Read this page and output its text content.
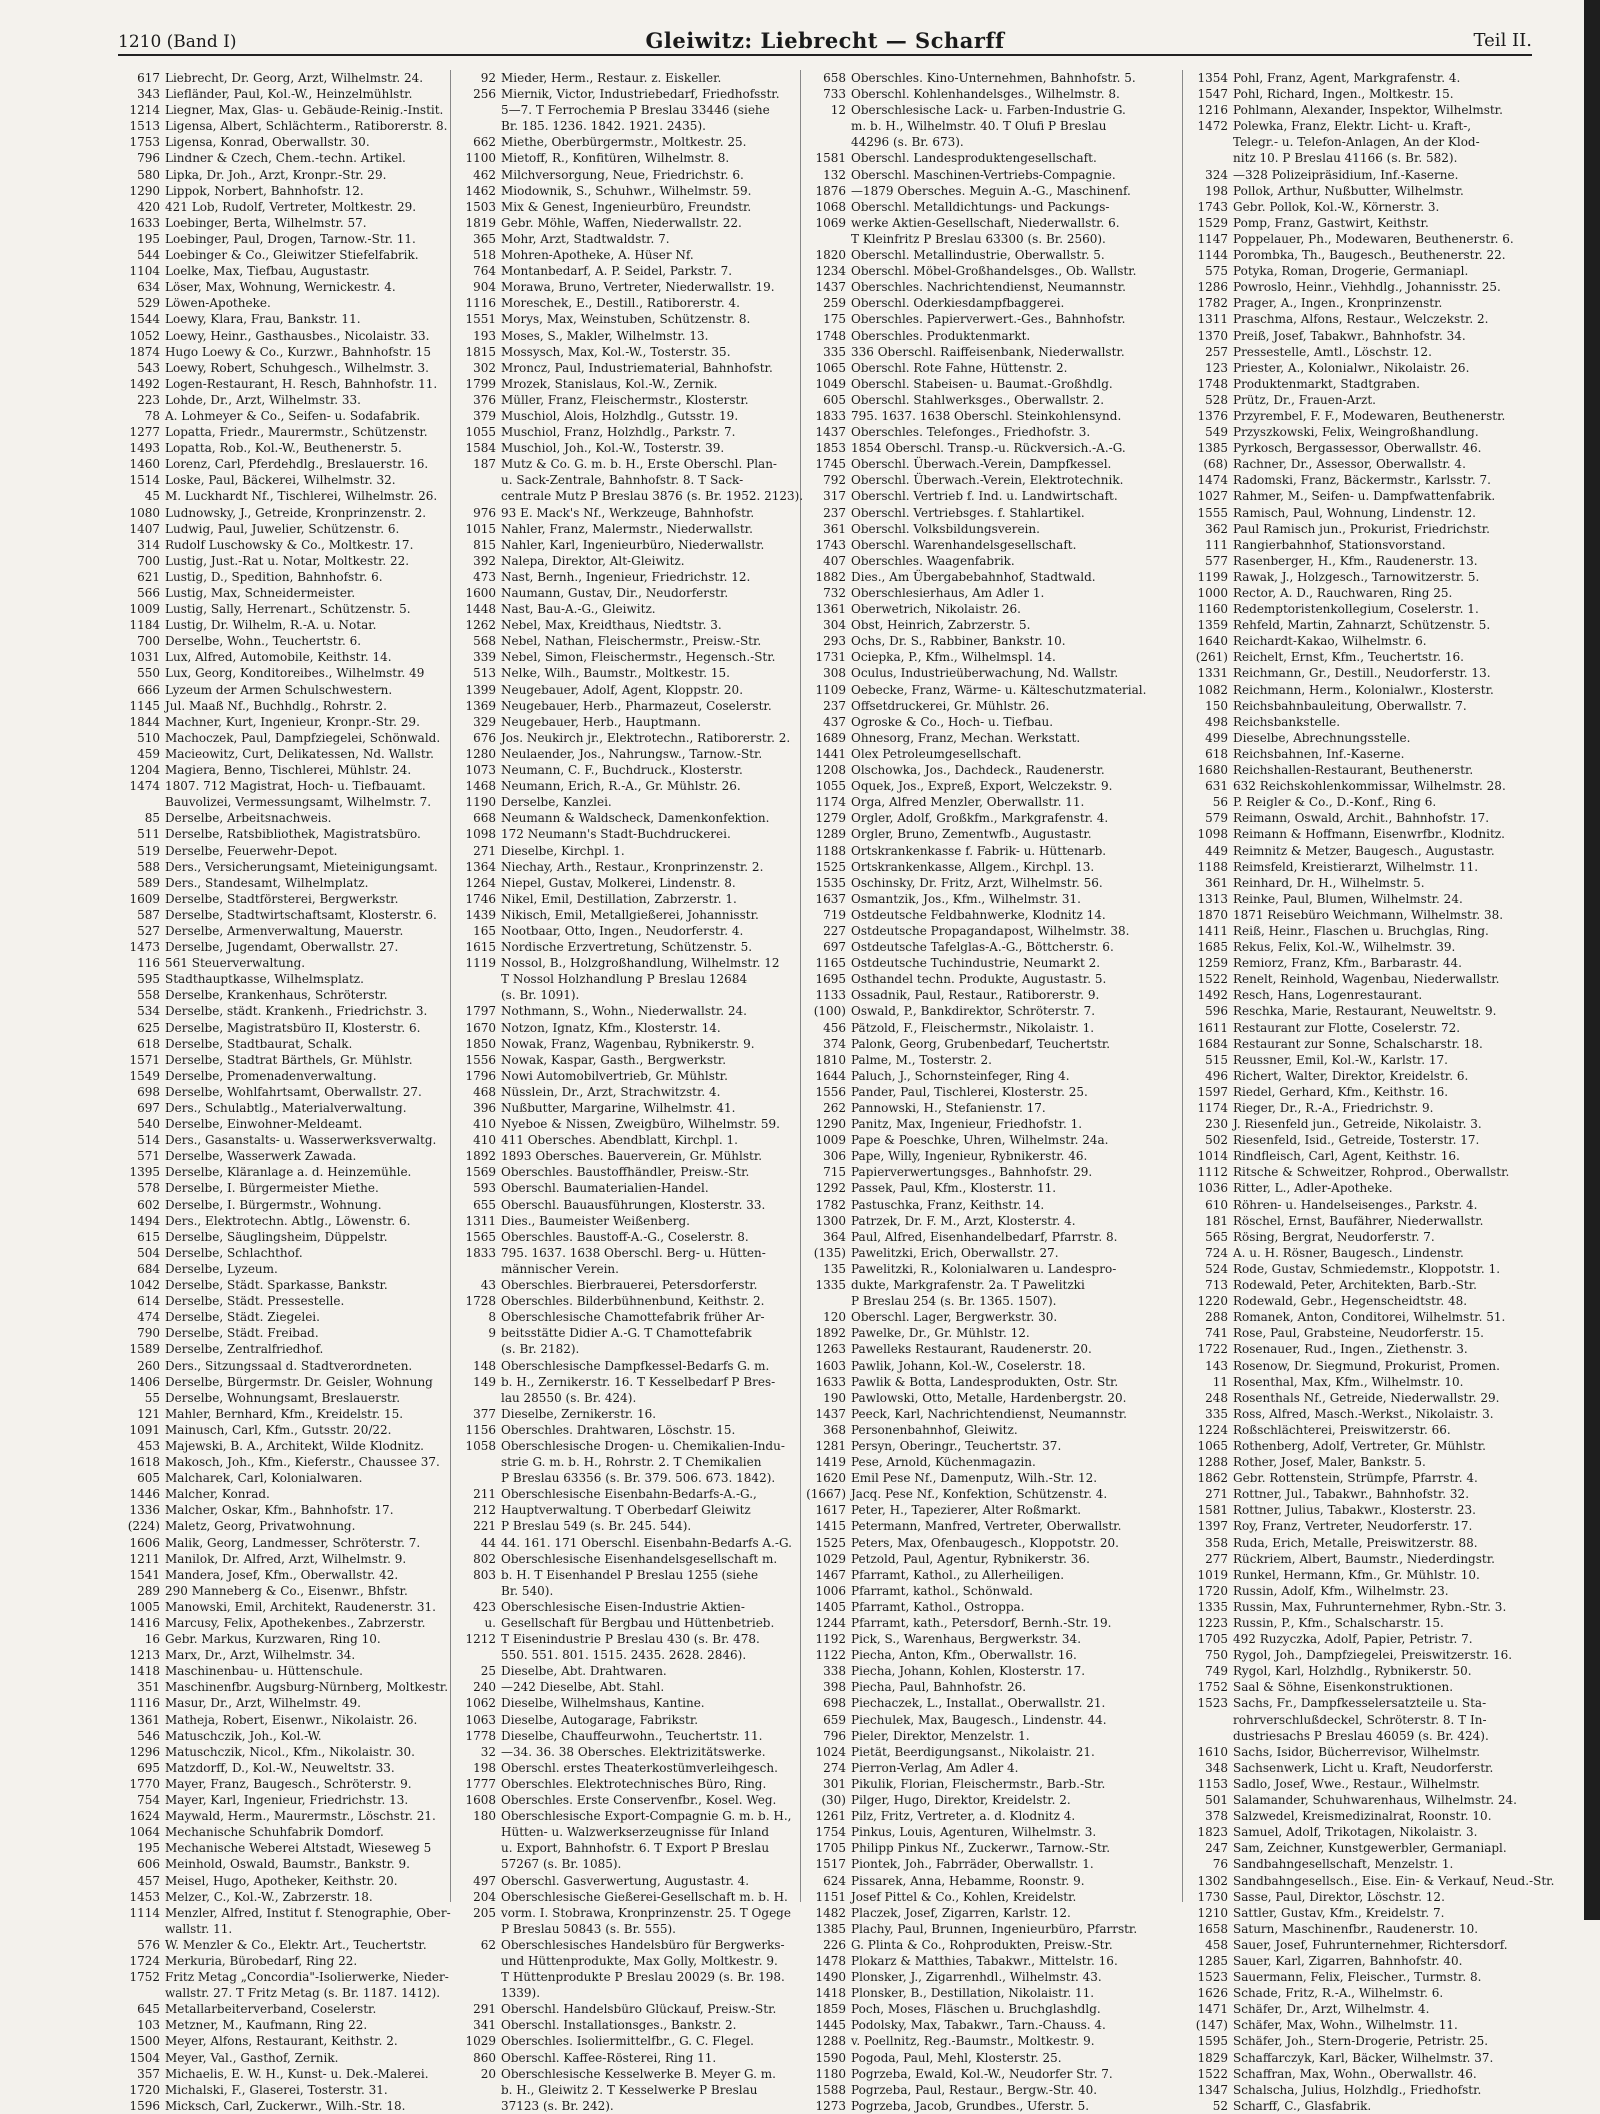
1210 (Band I)	Gleiwitz: Liebrecht — Scharff	Teil II.
617 Liebrecht, Dr. Georg, Arzt, Wilhelmstr. 24.
343 Liefländer, Paul, Kol.-W., Heinzelmühlstr.
1214 Liegner, Max, Glas- u. Gebäude-Reinig.-Instit.
1513 Ligensa, Albert, Schlächterm., Ratiborerstr. 8.
1753 Ligensa, Konrad, Oberwallstr. 30.
796 Lindner & Czech, Chem.-techn. Artikel.
580 Lipka, Dr. Joh., Arzt, Kronpr.-Str. 29.
1290 Lippok, Norbert, Bahnhofstr. 12.
420 421 Lob, Rudolf, Vertreter, Moltkestr. 29.
1633 Loebinger, Berta, Wilhelmstr. 57.
195 Loebinger, Paul, Drogen, Tarnow.-Str. 11.
544 Loebinger & Co., Gleiwitzer Stiefelfabrik.
1104 Loelke, Max, Tiefbau, Augustastr.
634 Löser, Max, Wohnung, Wernickestr. 4.
529 Löwen-Apotheke.
1544 Loewy, Klara, Frau, Bankstr. 11.
1052 Loewy, Heinr., Gasthausbes., Nicolaistr. 33.
1874 Hugo Loewy & Co., Kurzwr., Bahnhofstr. 15
543 Loewy, Robert, Schuhgesch., Wilhelmstr. 3.
1492 Logen-Restaurant, H. Resch, Bahnhofstr. 11.
223 Lohde, Dr., Arzt, Wilhelmstr. 33.
78 A. Lohmeyer & Co., Seifen- u. Sodafabrik.
1277 Lopatta, Friedr., Maurermstr., Schützenstr.
1493 Lopatta, Rob., Kol.-W., Beuthenerstr. 5.
1460 Lorenz, Carl, Pferdehdlg., Breslauerstr. 16.
1514 Loske, Paul, Bäckerei, Wilhelmstr. 32.
45 M. Luckhardt Nf., Tischlerei, Wilhelmstr. 26.
1080 Ludnowsky, J., Getreide, Kronprinzenstr. 2.
1407 Ludwig, Paul, Juwelier, Schützenstr. 6.
314 Rudolf Luschowsky & Co., Moltkestr. 17.
700 Lustig, Just.-Rat u. Notar, Moltkestr. 22.
621 Lustig, D., Spedition, Bahnhofstr. 6.
566 Lustig, Max, Schneidermeister.
1009 Lustig, Sally, Herrenart., Schützenstr. 5.
1184 Lustig, Dr. Wilhelm, R.-A. u. Notar.
700 Derselbe, Wohn., Teuchertstr. 6.
1031 Lux, Alfred, Automobile, Keithstr. 14.
550 Lux, Georg, Konditoreibes., Wilhelmstr. 49
666 Lyzeum der Armen Schulschwestern.
1145 Jul. Maaß Nf., Buchhdlg., Rohrstr. 2.
1844 Machner, Kurt, Ingenieur, Kronpr.-Str. 29.
510 Machoczek, Paul, Dampfziegelei, Schönwald.
459 Macieowitz, Curt, Delikatessen, Nd. Wallstr.
1204 Magiera, Benno, Tischlerei, Mühlstr. 24.
1474 1807. 712 Magistrat, Hoch- u. Tiefbauamt.
Bauvolizei, Vermessungsamt, Wilhelmstr. 7.
85 Derselbe, Arbeitsnachweis.
511 Derselbe, Ratsbibliothek, Magistratsbüro.
519 Derselbe, Feuerwehr-Depot.
588 Ders., Versicherungsamt, Mieteinigungsamt.
589 Ders., Standesamt, Wilhelmplatz.
1609 Derselbe, Stadtförsterei, Bergwerkstr.
587 Derselbe, Stadtwirtschaftsamt, Klosterstr. 6.
527 Derselbe, Armenverwaltung, Mauerstr.
1473 Derselbe, Jugendamt, Oberwallstr. 27.
116 561 Steuerverwaltung.
595 Stadthauptkasse, Wilhelmsplatz.
558 Derselbe, Krankenhaus, Schröterstr.
534 Derselbe, städt. Krankenh., Friedrichstr. 3.
625 Derselbe, Magistratsbüro II, Klosterstr. 6.
618 Derselbe, Stadtbaurat, Schalk.
1571 Derselbe, Stadtrat Bärthels, Gr. Mühlstr.
1549 Derselbe, Promenadenverwaltung.
698 Derselbe, Wohlfahrtsamt, Oberwallstr. 27.
697 Ders., Schulabtlg., Materialverwaltung.
540 Derselbe, Einwohner-Meldeamt.
514 Ders., Gasanstalts- u. Wasserwerksverwaltg.
571 Derselbe, Wasserwerk Zawada.
1395 Derselbe, Kläranlage a. d. Heinzemühle.
578 Derselbe, I. Bürgermeister Miethe.
602 Derselbe, I. Bürgermstr., Wohnung.
1494 Ders., Elektrotechn. Abtlg., Löwenstr. 6.
615 Derselbe, Säuglingsheim, Düppelstr.
504 Derselbe, Schlachthof.
684 Derselbe, Lyzeum.
1042 Derselbe, Städt. Sparkasse, Bankstr.
614 Derselbe, Städt. Pressestelle.
474 Derselbe, Städt. Ziegelei.
790 Derselbe, Städt. Freibad.
1589 Derselbe, Zentralfriedhof.
260 Ders., Sitzungssaal d. Stadtverordneten.
1406 Derselbe, Bürgermstr. Dr. Geisler, Wohnung
55 Derselbe, Wohnungsamt, Breslauerstr.
121 Mahler, Bernhard, Kfm., Kreidelstr. 15.
1091 Mainusch, Carl, Kfm., Gutsstr. 20/22.
453 Majewski, B. A., Architekt, Wilde Klodnitz.
1618 Makosch, Joh., Kfm., Kieferstr., Chaussee 37.
605 Malcharek, Carl, Kolonialwaren.
1446 Malcher, Konrad.
1336 Malcher, Oskar, Kfm., Bahnhofstr. 17.
(224) Maletz, Georg, Privatwohnung.
1606 Malik, Georg, Landmesser, Schröterstr. 7.
1211 Manilok, Dr. Alfred, Arzt, Wilhelmstr. 9.
1541 Mandera, Josef, Kfm., Oberwallstr. 42.
289 290 Manneberg & Co., Eisenwr., Bhfstr.
1005 Manowski, Emil, Architekt, Raudenerstr. 31.
1416 Marcusy, Felix, Apothekenbes., Zabrzerstr.
16 Gebr. Markus, Kurzwaren, Ring 10.
1213 Marx, Dr., Arzt, Wilhelmstr. 34.
1418 Maschinenbau- u. Hüttenschule.
351 Maschinenfbr. Augsburg-Nürnberg, Moltkestr.
1116 Masur, Dr., Arzt, Wilhelmstr. 49.
1361 Matheja, Robert, Eisenwr., Nikolaistr. 26.
546 Matuschczik, Joh., Kol.-W.
1296 Matuschczik, Nicol., Kfm., Nikolaistr. 30.
695 Matzdorff, D., Kol.-W., Neuweltstr. 33.
1770 Mayer, Franz, Baugesch., Schröterstr. 9.
754 Mayer, Karl, Ingenieur, Friedrichstr. 13.
1624 Maywald, Herm., Maurermstr., Löschstr. 21.
1064 Mechanische Schuhfabrik Domdorf.
195 Mechanische Weberei Altstadt, Wieseweg 5
606 Meinhold, Oswald, Baumstr., Bankstr. 9.
457 Meisel, Hugo, Apotheker, Keithstr. 20.
1453 Melzer, C., Kol.-W., Zabrzerstr. 18.
1114 Menzler, Alfred, Institut f. Stenographie, Ober-
wallstr. 11.
576 W. Menzler & Co., Elektr. Art., Teuchertstr.
1724 Merkuria, Bürobedarf, Ring 22.
1752 Fritz Metag „Concordia"-Isolierwerke, Nieder-
wallstr. 27. T Fritz Metag (s. Br. 1187. 1412).
645 Metallarbeiterverband, Coselerstr.
103 Metzner, M., Kaufmann, Ring 22.
1500 Meyer, Alfons, Restaurant, Keithstr. 2.
1504 Meyer, Val., Gasthof, Zernik.
357 Michaelis, E. W. H., Kunst- u. Dek.-Malerei.
1720 Michalski, F., Glaserei, Tosterstr. 31.
1596 Micksch, Carl, Zuckerwr., Wilh.-Str. 18.
92 Mieder, Herm., Restaur. z. Eiskeller.
256 Miernik, Victor, Industriebedarf, Friedhofsstr.
5—7. T Ferrochemia P Breslau 33446 (siehe
Br. 185. 1236. 1842. 1921. 2435).
662 Miethe, Oberbürgermstr., Moltkestr. 25.
1100 Mietoff, R., Konfitüren, Wilhelmstr. 8.
462 Milchversorgung, Neue, Friedrichstr. 6.
1462 Miodownik, S., Schuhwr., Wilhelmstr. 59.
1503 Mix & Genest, Ingenieurbüro, Freundstr.
1819 Gebr. Möhle, Waffen, Niederwallstr. 22.
365 Mohr, Arzt, Stadtwaldstr. 7.
518 Mohren-Apotheke, A. Hüser Nf.
764 Montanbedarf, A. P. Seidel, Parkstr. 7.
904 Morawa, Bruno, Vertreter, Niederwallstr. 19.
1116 Moreschek, E., Destill., Ratiborerstr. 4.
1551 Morys, Max, Weinstuben, Schützenstr. 8.
193 Moses, S., Makler, Wilhelmstr. 13.
1815 Mossysch, Max, Kol.-W., Tosterstr. 35.
302 Mroncz, Paul, Industriematerial, Bahnhofstr.
1799 Mrozek, Stanislaus, Kol.-W., Zernik.
376 Müller, Franz, Fleischermstr., Klosterstr.
379 Muschiol, Alois, Holzhdlg., Gutsstr. 19.
1055 Muschiol, Franz, Holzhdlg., Parkstr. 7.
1584 Muschiol, Joh., Kol.-W., Tosterstr. 39.
187 Mutz & Co. G. m. b. H., Erste Oberschl. Plan-
u. Sack-Zentrale, Bahnhofstr. 8. T Sack-
centrale Mutz P Breslau 3876 (s. Br. 1952. 2123).
976 93 E. Mack's Nf., Werkzeuge, Bahnhofstr.
1015 Nahler, Franz, Malermstr., Niederwallstr.
815 Nahler, Karl, Ingenieurbüro, Niederwallstr.
392 Nalepa, Direktor, Alt-Gleiwitz.
473 Nast, Bernh., Ingenieur, Friedrichstr. 12.
1600 Naumann, Gustav, Dir., Neudorferstr.
1448 Nast, Bau-A.-G., Gleiwitz.
1262 Nebel, Max, Kreidthaus, Niedtstr. 3.
568 Nebel, Nathan, Fleischermstr., Preisw.-Str.
339 Nebel, Simon, Fleischermstr., Hegensch.-Str.
513 Nelke, Wilh., Baumstr., Moltkestr. 15.
1399 Neugebauer, Adolf, Agent, Kloppstr. 20.
1369 Neugebauer, Herb., Pharmazeut, Coselerstr.
329 Neugebauer, Herb., Hauptmann.
676 Jos. Neukirch jr., Elektrotechn., Ratiborerstr. 2.
1280 Neulaender, Jos., Nahrungsw., Tarnow.-Str.
1073 Neumann, C. F., Buchdruck., Klosterstr.
1468 Neumann, Erich, R.-A., Gr. Mühlstr. 26.
1190 Derselbe, Kanzlei.
668 Neumann & Waldscheck, Damenkonfektion.
1098 172 Neumann's Stadt-Buchdruckerei.
271 Dieselbe, Kirchpl. 1.
1364 Niechay, Arth., Restaur., Kronprinzenstr. 2.
1264 Niepel, Gustav, Molkerei, Lindenstr. 8.
1746 Nikel, Emil, Destillation, Zabrzerstr. 1.
1439 Nikisch, Emil, Metallgießerei, Johannisstr.
165 Nootbaar, Otto, Ingen., Neudorferstr. 4.
1615 Nordische Erzvertretung, Schützenstr. 5.
1119 Nossol, B., Holzgroßhandlung, Wilhelmstr. 12
T Nossol Holzhandlung P Breslau 12684
(s. Br. 1091).
1797 Nothmann, S., Wohn., Niederwallstr. 24.
1670 Notzon, Ignatz, Kfm., Klosterstr. 14.
1850 Nowak, Franz, Wagenbau, Rybnikerstr. 9.
1556 Nowak, Kaspar, Gasth., Bergwerkstr.
1796 Nowi Automobilvertrieb, Gr. Mühlstr.
468 Nüsslein, Dr., Arzt, Strachwitzstr. 4.
396 Nußbutter, Margarine, Wilhelmstr. 41.
410 Nyeboe & Nissen, Zweigbüro, Wilhelmstr. 59.
410 411 Obersches. Abendblatt, Kirchpl. 1.
1892 1893 Obersches. Bauerverein, Gr. Mühlstr.
1569 Oberschles. Baustoffhändler, Preisw.-Str.
593 Oberschl. Baumaterialien-Handel.
655 Oberschl. Bauausführungen, Klosterstr. 33.
1311 Dies., Baumeister Weißenberg.
1565 Oberschles. Baustoff-A.-G., Coselerstr. 8.
1833 795. 1637. 1638 Oberschl. Berg- u. Hütten-
männischer Verein.
43 Oberschles. Bierbrauerei, Petersdorferstr.
1728 Oberschles. Bilderbühnenbund, Keithstr. 2.
8 Oberschlesische Chamottefabrik früher Ar-
9 beitsstätte Didier A.-G. T Chamottefabrik
(s. Br. 2182).
148 Oberschlesische Dampfkessel-Bedarfs G. m.
149 b. H., Zernikerstr. 16. T Kesselbedarf P Bres-
lau 28550 (s. Br. 424).
377 Dieselbe, Zernikerstr. 16.
1156 Oberschles. Drahtwaren, Löschstr. 15.
1058 Oberschlesische Drogen- u. Chemikalien-Indu-
strie G. m. b. H., Rohrstr. 2. T Chemikalien
P Breslau 63356 (s. Br. 379. 506. 673. 1842).
211 Oberschlesische Eisenbahn-Bedarfs-A.-G.,
212 Hauptverwaltung. T Oberbedarf Gleiwitz
221 P Breslau 549 (s. Br. 245. 544).
44 44. 161. 171 Oberschl. Eisenbahn-Bedarfs A.-G.
802 Oberschlesische Eisenhandelsgesellschaft m.
803 b. H. T Eisenhandel P Breslau 1255 (siehe
Br. 540).
423 Oberschlesische Eisen-Industrie Aktien-
u. Gesellschaft für Bergbau und Hüttenbetrieb.
1212 T Eisenindustrie P Breslau 430 (s. Br. 478.
550. 551. 801. 1515. 2435. 2628. 2846).
25 Dieselbe, Abt. Drahtwaren.
240 —242 Dieselbe, Abt. Stahl.
1062 Dieselbe, Wilhelmshaus, Kantine.
1063 Dieselbe, Autogarage, Fabrikstr.
1778 Dieselbe, Chauffeurwohn., Teuchertstr. 11.
32 —34. 36. 38 Obersches. Elektrizitätswerke.
198 Oberschl. erstes Theaterkostümverleihgesch.
1777 Oberschles. Elektrotechnisches Büro, Ring.
1608 Oberschles. Erste Conservenfbr., Kosel. Weg.
180 Oberschlesische Export-Compagnie G. m. b. H.,
Hütten- u. Walzwerkserzeugnisse für Inland
u. Export, Bahnhofstr. 6. T Export P Breslau
57267 (s. Br. 1085).
497 Oberschl. Gasverwertung, Augustastr. 4.
204 Oberschlesische Gießerei-Gesellschaft m. b. H.
205 vorm. I. Stobrawa, Kronprinzenstr. 25. T Ogege
P Breslau 50843 (s. Br. 555).
62 Oberschlesisches Handelsbüro für Bergwerks-
und Hüttenprodukte, Max Golly, Moltkestr. 9.
T Hüttenprodukte P Breslau 20029 (s. Br. 198.
1339).
291 Oberschl. Handelsbüro Glückauf, Preisw.-Str.
341 Oberschl. Installationsges., Bankstr. 2.
1029 Oberschles. Isoliermittelfbr., G. C. Flegel.
860 Oberschl. Kaffee-Rösterei, Ring 11.
20 Oberschlesische Kesselwerke B. Meyer G. m.
b. H., Gleiwitz 2. T Kesselwerke P Breslau
37123 (s. Br. 242).
658 Oberschles. Kino-Unternehmen, Bahnhofstr. 5.
733 Oberschl. Kohlenhandelsges., Wilhelmstr. 8.
12 Oberschlesische Lack- u. Farben-Industrie G.
m. b. H., Wilhelmstr. 40. T Olufi P Breslau
44296 (s. Br. 673).
1581 Oberschl. Landesproduktengesellschaft.
132 Oberschl. Maschinen-Vertriebs-Compagnie.
1876 —1879 Obersches. Meguin A.-G., Maschinenf.
1068 Oberschl. Metalldichtungs- und Packungs-
1069 werke Aktien-Gesellschaft, Niederwallstr. 6.
T Kleinfritz P Breslau 63300 (s. Br. 2560).
1820 Oberschl. Metallindustrie, Oberwallstr. 5.
1234 Oberschl. Möbel-Großhandelsges., Ob. Wallstr.
1437 Oberschles. Nachrichtendienst, Neumannstr.
259 Oberschl. Oderkiesdampfbaggerei.
175 Oberschles. Papierverwert.-Ges., Bahnhofstr.
1748 Oberschles. Produktenmarkt.
335 336 Oberschl. Raiffeisenbank, Niederwallstr.
1065 Oberschl. Rote Fahne, Hüttenstr. 2.
1049 Oberschl. Stabeisen- u. Baumat.-Großhdlg.
605 Oberschl. Stahlwerksges., Oberwallstr. 2.
1833 795. 1637. 1638 Oberschl. Steinkohlensynd.
1437 Oberschles. Telefonges., Friedhofstr. 3.
1853 1854 Oberschl. Transp.-u. Rückversich.-A.-G.
1745 Oberschl. Überwach.-Verein, Dampfkessel.
792 Oberschl. Überwach.-Verein, Elektrotechnik.
317 Oberschl. Vertrieb f. Ind. u. Landwirtschaft.
237 Oberschl. Vertriebsges. f. Stahlartikel.
361 Oberschl. Volksbildungsverein.
1743 Oberschl. Warenhandelsgesellschaft.
407 Oberschles. Waagenfabrik.
1882 Dies., Am Übergabebahnhof, Stadtwald.
732 Oberschlesierhaus, Am Adler 1.
1361 Oberwetrich, Nikolaistr. 26.
304 Obst, Heinrich, Zabrzerstr. 5.
293 Ochs, Dr. S., Rabbiner, Bankstr. 10.
1731 Ociepka, P., Kfm., Wilhelmspl. 14.
308 Oculus, Industrieüberwachung, Nd. Wallstr.
1109 Oebecke, Franz, Wärme- u. Kälteschutzmaterial.
237 Offsetdruckerei, Gr. Mühlstr. 26.
437 Ogroske & Co., Hoch- u. Tiefbau.
1689 Ohnesorg, Franz, Mechan. Werkstatt.
1441 Olex Petroleumgesellschaft.
1208 Olschowka, Jos., Dachdeck., Raudenerstr.
1055 Oquek, Jos., Expreß, Export, Welczekstr. 9.
1174 Orga, Alfred Menzler, Oberwallstr. 11.
1279 Orgler, Adolf, Großkfm., Markgrafenstr. 4.
1289 Orgler, Bruno, Zementwfb., Augustastr.
1188 Ortskrankenkasse f. Fabrik- u. Hüttenarb.
1525 Ortskrankenkasse, Allgem., Kirchpl. 13.
1535 Oschinsky, Dr. Fritz, Arzt, Wilhelmstr. 56.
1637 Osmantzik, Jos., Kfm., Wilhelmstr. 31.
719 Ostdeutsche Feldbahnwerke, Klodnitz 14.
227 Ostdeutsche Propagandapost, Wilhelmstr. 38.
697 Ostdeutsche Tafelglas-A.-G., Böttcherstr. 6.
1165 Ostdeutsche Tuchindustrie, Neumarkt 2.
1695 Osthandel techn. Produkte, Augustastr. 5.
1133 Ossadnik, Paul, Restaur., Ratiborerstr. 9.
(100) Oswald, P., Bankdirektor, Schröterstr. 7.
456 Pätzold, F., Fleischermstr., Nikolaistr. 1.
374 Palonk, Georg, Grubenbedarf, Teuchertstr.
1810 Palme, M., Tosterstr. 2.
1644 Paluch, J., Schornsteinfeger, Ring 4.
1556 Pander, Paul, Tischlerei, Klosterstr. 25.
262 Pannowski, H., Stefanienstr. 17.
1290 Panitz, Max, Ingenieur, Friedhofstr. 1.
1009 Pape & Poeschke, Uhren, Wilhelmstr. 24a.
306 Pape, Willy, Ingenieur, Rybnikerstr. 46.
715 Papierverwertungsges., Bahnhofstr. 29.
1292 Passek, Paul, Kfm., Klosterstr. 11.
1782 Pastuschka, Franz, Keithstr. 14.
1300 Patrzek, Dr. F. M., Arzt, Klosterstr. 4.
364 Paul, Alfred, Eisenhandelbedarf, Pfarrstr. 8.
(135) Pawelitzki, Erich, Oberwallstr. 27.
135 Pawelitzki, R., Kolonialwaren u. Landespro-
1335 dukte, Markgrafenstr. 2a. T Pawelitzki
P Breslau 254 (s. Br. 1365. 1507).
120 Oberschl. Lager, Bergwerkstr. 30.
1892 Pawelke, Dr., Gr. Mühlstr. 12.
1263 Pawelleks Restaurant, Raudenerstr. 20.
1603 Pawlik, Johann, Kol.-W., Coselerstr. 18.
1633 Pawlik & Botta, Landesprodukten, Ostr. Str.
190 Pawlowski, Otto, Metalle, Hardenbergstr. 20.
1437 Peeck, Karl, Nachrichtendienst, Neumannstr.
368 Personenbahnhof, Gleiwitz.
1281 Persyn, Oberingr., Teuchertstr. 37.
1419 Pese, Arnold, Küchenmagazin.
1620 Emil Pese Nf., Damenputz, Wilh.-Str. 12.
(1667) Jacq. Pese Nf., Konfektion, Schützenstr. 4.
1617 Peter, H., Tapezierer, Alter Roßmarkt.
1415 Petermann, Manfred, Vertreter, Oberwallstr.
1525 Peters, Max, Ofenbaugesch., Kloppotstr. 20.
1029 Petzold, Paul, Agentur, Rybnikerstr. 36.
1467 Pfarramt, Kathol., zu Allerheiligen.
1006 Pfarramt, kathol., Schönwald.
1405 Pfarramt, Kathol., Ostroppa.
1244 Pfarramt, kath., Petersdorf, Bernh.-Str. 19.
1192 Pick, S., Warenhaus, Bergwerkstr. 34.
1122 Piecha, Anton, Kfm., Oberwallstr. 16.
338 Piecha, Johann, Kohlen, Klosterstr. 17.
398 Piecha, Paul, Bahnhofstr. 26.
698 Piechaczek, L., Installat., Oberwallstr. 21.
659 Piechulek, Max, Baugesch., Lindenstr. 44.
796 Pieler, Direktor, Menzelstr. 1.
1024 Pietät, Beerdigungsanst., Nikolaistr. 21.
274 Pierron-Verlag, Am Adler 4.
301 Pikulik, Florian, Fleischermstr., Barb.-Str.
(30) Pilger, Hugo, Direktor, Kreidelstr. 2.
1261 Pilz, Fritz, Vertreter, a. d. Klodnitz 4.
1754 Pinkus, Louis, Agenturen, Wilhelmstr. 3.
1705 Philipp Pinkus Nf., Zuckerwr., Tarnow.-Str.
1517 Piontek, Joh., Fabrräder, Oberwallstr. 1.
624 Pissarek, Anna, Hebamme, Roonstr. 9.
1151 Josef Pittel & Co., Kohlen, Kreidelstr.
1482 Placzek, Josef, Zigarren, Karlstr. 12.
1385 Plachy, Paul, Brunnen, Ingenieurbüro, Pfarrstr.
226 G. Plinta & Co., Rohprodukten, Preisw.-Str.
1478 Plokarz & Matthies, Tabakwr., Mittelstr. 16.
1490 Plonsker, J., Zigarrenhdl., Wilhelmstr. 43.
1418 Plonsker, B., Destillation, Nikolaistr. 11.
1859 Poch, Moses, Fläschen u. Bruchglashdlg.
1445 Podolsky, Max, Tabakwr., Tarn.-Chauss. 4.
1288 v. Poellnitz, Reg.-Baumstr., Moltkestr. 9.
1590 Pogoda, Paul, Mehl, Klosterstr. 25.
1180 Pogrzeba, Ewald, Kol.-W., Neudorfer Str. 7.
1588 Pogrzeba, Paul, Restaur., Bergw.-Str. 40.
1273 Pogrzeba, Jacob, Grundbes., Uferstr. 5.
1354 Pohl, Franz, Agent, Markgrafenstr. 4.
1547 Pohl, Richard, Ingen., Moltkestr. 15.
1216 Pohlmann, Alexander, Inspektor, Wilhelmstr.
1472 Polewka, Franz, Elektr. Licht- u. Kraft-,
Telegr.- u. Telefon-Anlagen, An der Klod-
nitz 10. P Breslau 41166 (s. Br. 582).
324 —328 Polizeipräsidium, Inf.-Kaserne.
198 Pollok, Arthur, Nußbutter, Wilhelmstr.
1743 Gebr. Pollok, Kol.-W., Körnerstr. 3.
1529 Pomp, Franz, Gastwirt, Keithstr.
1147 Poppelauer, Ph., Modewaren, Beuthenerstr. 6.
1144 Porombka, Th., Baugesch., Beuthenerstr. 22.
575 Potyka, Roman, Drogerie, Germaniapl.
1286 Powroslo, Heinr., Viehhdlg., Johannisstr. 25.
1782 Prager, A., Ingen., Kronprinzenstr.
1311 Praschma, Alfons, Restaur., Welczekstr. 2.
1370 Preiß, Josef, Tabakwr., Bahnhofstr. 34.
257 Pressestelle, Amtl., Löschstr. 12.
123 Priester, A., Kolonialwr., Nikolaistr. 26.
1748 Produktenmarkt, Stadtgraben.
528 Prütz, Dr., Frauen-Arzt.
1376 Przyrembel, F. F., Modewaren, Beuthenerstr.
549 Przyszkowski, Felix, Weingroßhandlung.
1385 Pyrkosch, Bergassessor, Oberwallstr. 46.
(68) Rachner, Dr., Assessor, Oberwallstr. 4.
1474 Radomski, Franz, Bäckermstr., Karlsstr. 7.
1027 Rahmer, M., Seifen- u. Dampfwattenfabrik.
1555 Ramisch, Paul, Wohnung, Lindenstr. 12.
362 Paul Ramisch jun., Prokurist, Friedrichstr.
111 Rangierbahnhof, Stationsvorstand.
577 Rasenberger, H., Kfm., Raudenerstr. 13.
1199 Rawak, J., Holzgesch., Tarnowitzerstr. 5.
1000 Rector, A. D., Rauchwaren, Ring 25.
1160 Redemptoristenkollegium, Coselerstr. 1.
1359 Rehfeld, Martin, Zahnarzt, Schützenstr. 5.
1640 Reichardt-Kakao, Wilhelmstr. 6.
(261) Reichelt, Ernst, Kfm., Teuchertstr. 16.
1331 Reichmann, Gr., Destill., Neudorferstr. 13.
1082 Reichmann, Herm., Kolonialwr., Klosterstr.
150 Reichsbahnbauleitung, Oberwallstr. 7.
498 Reichsbankstelle.
499 Dieselbe, Abrechnungsstelle.
618 Reichsbahnen, Inf.-Kaserne.
1680 Reichshallen-Restaurant, Beuthenerstr.
631 632 Reichskohlenkommissar, Wilhelmstr. 28.
56 P. Reigler & Co., D.-Konf., Ring 6.
579 Reimann, Oswald, Archit., Bahnhofstr. 17.
1098 Reimann & Hoffmann, Eisenwrfbr., Klodnitz.
449 Reimnitz & Metzer, Baugesch., Augustastr.
1188 Reimsfeld, Kreistierarzt, Wilhelmstr. 11.
361 Reinhard, Dr. H., Wilhelmstr. 5.
1313 Reinke, Paul, Blumen, Wilhelmstr. 24.
1870 1871 Reisebüro Weichmann, Wilhelmstr. 38.
1411 Reiß, Heinr., Flaschen u. Bruchglas, Ring.
1685 Rekus, Felix, Kol.-W., Wilhelmstr. 39.
1259 Remiorz, Franz, Kfm., Barbarastr. 44.
1522 Renelt, Reinhold, Wagenbau, Niederwallstr.
1492 Resch, Hans, Logenrestaurant.
596 Reschka, Marie, Restaurant, Neuweltstr. 9.
1611 Restaurant zur Flotte, Coselerstr. 72.
1684 Restaurant zur Sonne, Schalscharstr. 18.
515 Reussner, Emil, Kol.-W., Karlstr. 17.
496 Richert, Walter, Direktor, Kreidelstr. 6.
1597 Riedel, Gerhard, Kfm., Keithstr. 16.
1174 Rieger, Dr., R.-A., Friedrichstr. 9.
230 J. Riesenfeld jun., Getreide, Nikolaistr. 3.
502 Riesenfeld, Isid., Getreide, Tosterstr. 17.
1014 Rindfleisch, Carl, Agent, Keithstr. 16.
1112 Ritsche & Schweitzer, Rohprod., Oberwallstr.
1036 Ritter, L., Adler-Apotheke.
610 Röhren- u. Handelseisenges., Parkstr. 4.
181 Röschel, Ernst, Baufährer, Niederwallstr.
565 Rösing, Bergrat, Neudorferstr. 7.
724 A. u. H. Rösner, Baugesch., Lindenstr.
524 Rode, Gustav, Schmiedemstr., Kloppotstr. 1.
713 Rodewald, Peter, Architekten, Barb.-Str.
1220 Rodewald, Gebr., Hegenscheidtstr. 48.
288 Romanek, Anton, Conditorei, Wilhelmstr. 51.
741 Rose, Paul, Grabsteine, Neudorferstr. 15.
1722 Rosenauer, Rud., Ingen., Ziethenstr. 3.
143 Rosenow, Dr. Siegmund, Prokurist, Promen.
11 Rosenthal, Max, Kfm., Wilhelmstr. 10.
248 Rosenthals Nf., Getreide, Niederwallstr. 29.
335 Ross, Alfred, Masch.-Werkst., Nikolaistr. 3.
1224 Roßschlächterei, Preiswitzerstr. 66.
1065 Rothenberg, Adolf, Vertreter, Gr. Mühlstr.
1288 Rother, Josef, Maler, Bankstr. 5.
1862 Gebr. Rottenstein, Strümpfe, Pfarrstr. 4.
271 Rottner, Jul., Tabakwr., Bahnhofstr. 32.
1581 Rottner, Julius, Tabakwr., Klosterstr. 23.
1397 Roy, Franz, Vertreter, Neudorferstr. 17.
358 Ruda, Erich, Metalle, Preiswitzerstr. 88.
277 Rückriem, Albert, Baumstr., Niederdingstr.
1019 Runkel, Hermann, Kfm., Gr. Mühlstr. 10.
1720 Russin, Adolf, Kfm., Wilhelmstr. 23.
1335 Russin, Max, Fuhrunternehmer, Rybn.-Str. 3.
1223 Russin, P., Kfm., Schalscharstr. 15.
1705 492 Ruzyczka, Adolf, Papier, Petristr. 7.
750 Rygol, Joh., Dampfziegelei, Preiswitzerstr. 16.
749 Rygol, Karl, Holzhdlg., Rybnikerstr. 50.
1752 Saal & Söhne, Eisenkonstruktionen.
1523 Sachs, Fr., Dampfkesselersatzteile u. Sta-
rohrverschlußdeckel, Schröterstr. 8. T In-
dustriesachs P Breslau 46059 (s. Br. 424).
1610 Sachs, Isidor, Bücherrevisor, Wilhelmstr.
348 Sachsenwerk, Licht u. Kraft, Neudorferstr.
1153 Sadlo, Josef, Wwe., Restaur., Wilhelmstr.
501 Salamander, Schuhwarenhaus, Wilhelmstr. 24.
378 Salzwedel, Kreismedizinalrat, Roonstr. 10.
1823 Samuel, Adolf, Trikotagen, Nikolaistr. 3.
247 Sam, Zeichner, Kunstgewerbler, Germaniapl.
76 Sandbahngesellschaft, Menzelstr. 1.
1302 Sandbahngesellsch., Eise. Ein- & Verkauf, Neud.-Str.
1730 Sasse, Paul, Direktor, Löschstr. 12.
1210 Sattler, Gustav, Kfm., Kreidelstr. 7.
1658 Saturn, Maschinenfbr., Raudenerstr. 10.
458 Sauer, Josef, Fuhrunternehmer, Richtersdorf.
1285 Sauer, Karl, Zigarren, Bahnhofstr. 40.
1523 Sauermann, Felix, Fleischer., Turmstr. 8.
1626 Schade, Fritz, R.-A., Wilhelmstr. 6.
1471 Schäfer, Dr., Arzt, Wilhelmstr. 4.
(147) Schäfer, Max, Wohn., Wilhelmstr. 11.
1595 Schäfer, Joh., Stern-Drogerie, Petristr. 25.
1829 Schaffarczyk, Karl, Bäcker, Wilhelmstr. 37.
1522 Schaffran, Max, Wohn., Oberwallstr. 46.
1347 Schalscha, Julius, Holzhdlg., Friedhofstr.
52 Scharff, C., Glasfabrik.
